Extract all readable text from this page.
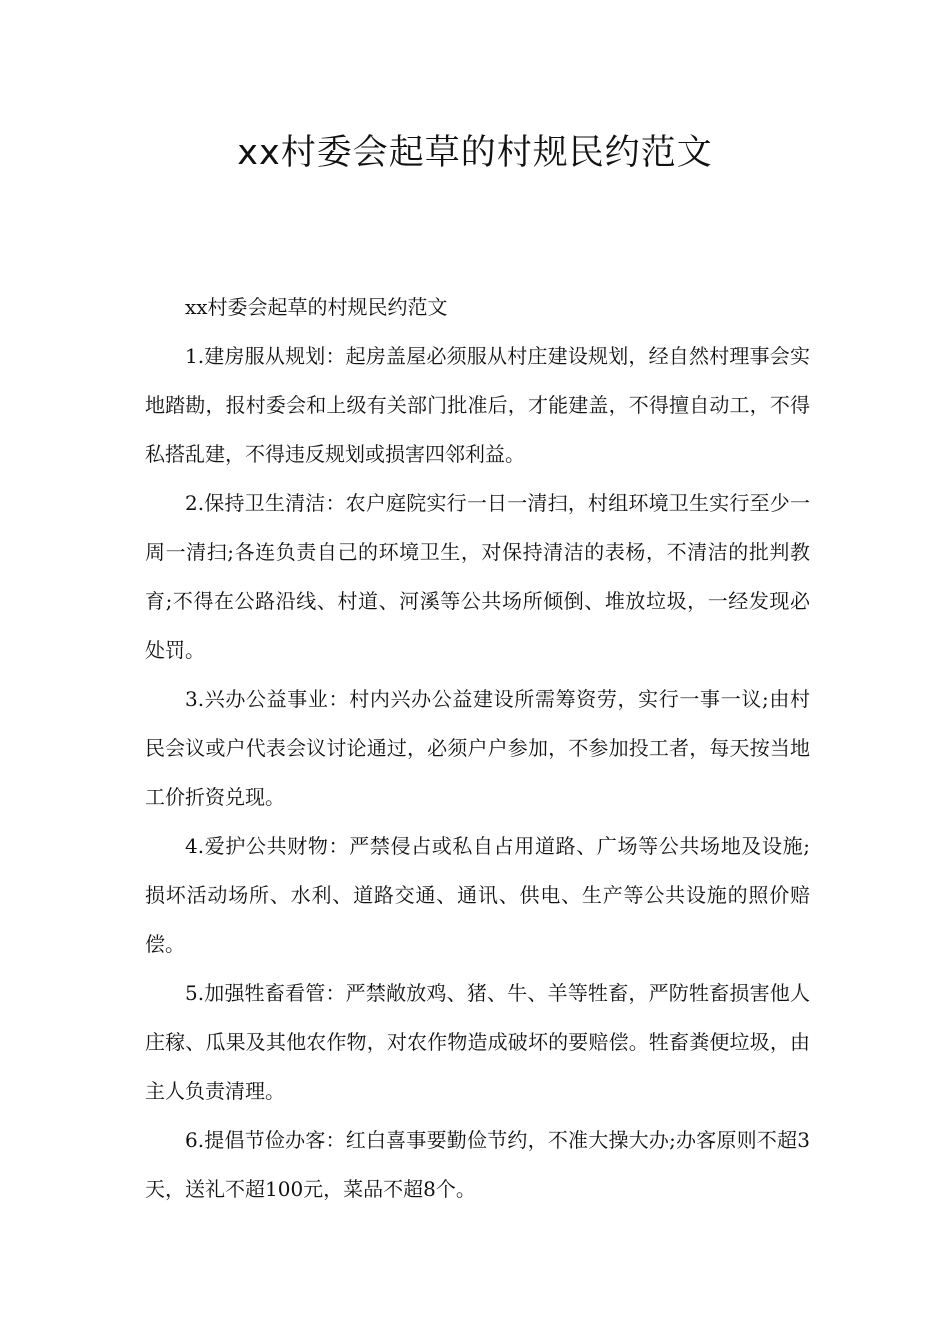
xx村委会起草的村规民约范文

xx村委会起草的村规民约范文

1.建房服从规划：起房盖屋必须服从村庄建设规划，经自然村理事会实地踏勘，报村委会和上级有关部门批准后，才能建盖，不得擅自动工，不得私搭乱建，不得违反规划或损害四邻利益。

2.保持卫生清洁：农户庭院实行一日一清扫，村组环境卫生实行至少一周一清扫;各连负责自己的环境卫生，对保持清洁的表杨，不清洁的批判教育;不得在公路沿线、村道、河溪等公共场所倾倒、堆放垃圾，一经发现必处罚。

3.兴办公益事业：村内兴办公益建设所需筹资劳，实行一事一议;由村民会议或户代表会议讨论通过，必须户户参加，不参加投工者，每天按当地工价折资兑现。

4.爱护公共财物：严禁侵占或私自占用道路、广场等公共场地及设施;损坏活动场所、水利、道路交通、通讯、供电、生产等公共设施的照价赔偿。

5.加强牲畜看管：严禁敞放鸡、猪、牛、羊等牲畜，严防牲畜损害他人庄稼、瓜果及其他农作物，对农作物造成破坏的要赔偿。牲畜粪便垃圾，由主人负责清理。

6.提倡节俭办客：红白喜事要勤俭节约，不准大操大办;办客原则不超3天，送礼不超100元，菜品不超8个。
